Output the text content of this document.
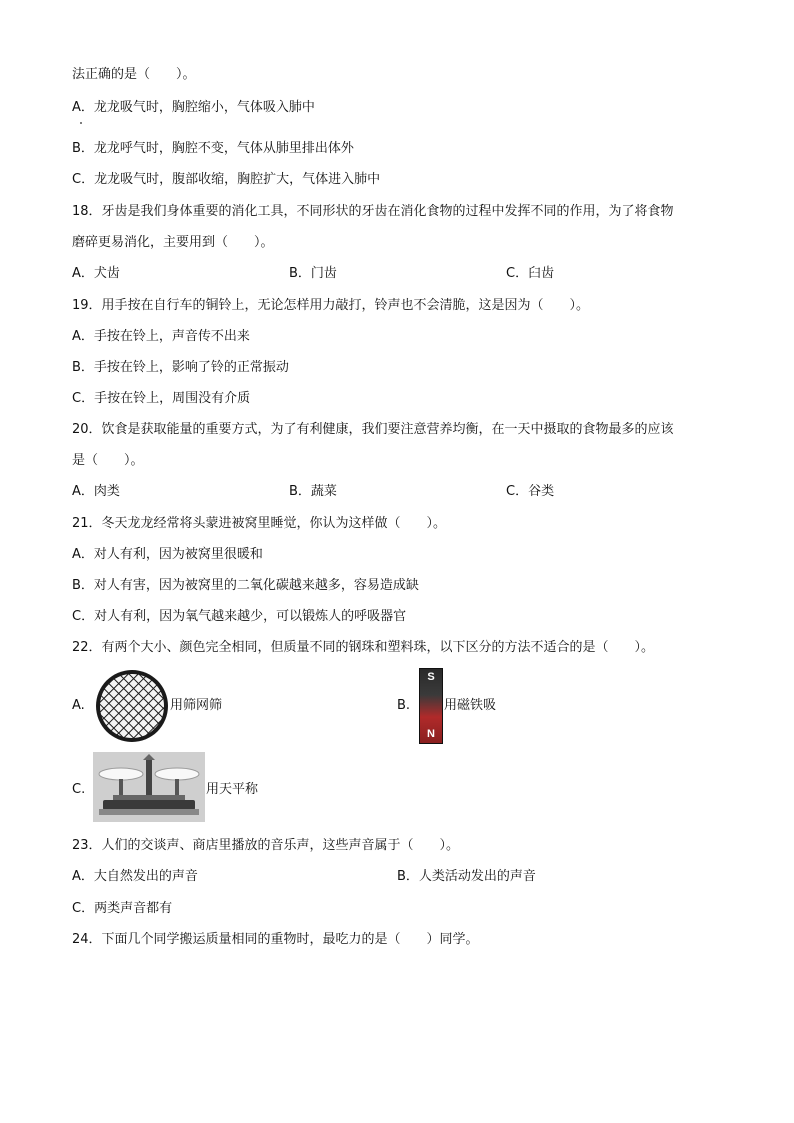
法正确的是（　　）。
A．龙龙吸气时，胸腔缩小，气体吸入肺中
B．龙龙呼气时，胸腔不变，气体从肺里排出体外
C．龙龙吸气时，腹部收缩，胸腔扩大，气体进入肺中
18．牙齿是我们身体重要的消化工具，不同形状的牙齿在消化食物的过程中发挥不同的作用，为了将食物
磨碎更易消化，主要用到（　　）。
A．犬齿	B．门齿	C．臼齿
19．用手按在自行车的铜铃上，无论怎样用力敲打，铃声也不会清脆，这是因为（　　）。
A．手按在铃上，声音传不出来
B．手按在铃上，影响了铃的正常振动
C．手按在铃上，周围没有介质
20．饮食是获取能量的重要方式，为了有利健康，我们要注意营养均衡，在一天中摄取的食物最多的应该
是（　　）。
A．肉类	B．蔬菜	C．谷类
21．冬天龙龙经常将头蒙进被窝里睡觉，你认为这样做（　　）。
A．对人有利，因为被窝里很暖和
B．对人有害，因为被窝里的二氧化碳越来越多，容易造成缺
C．对人有利，因为氧气越来越少，可以锻炼人的呼吸器官
22．有两个大小、颜色完全相同，但质量不同的钢珠和塑料珠，以下区分的方法不适合的是（　　）。
A.	用筛网筛	B.
S
N
用磁铁吸
C.	用天平称
23．人们的交谈声、商店里播放的音乐声，这些声音属于（　　）。
A．大自然发出的声音	B．人类活动发出的声音
C．两类声音都有
24．下面几个同学搬运质量相同的重物时，最吃力的是（　　）同学。
